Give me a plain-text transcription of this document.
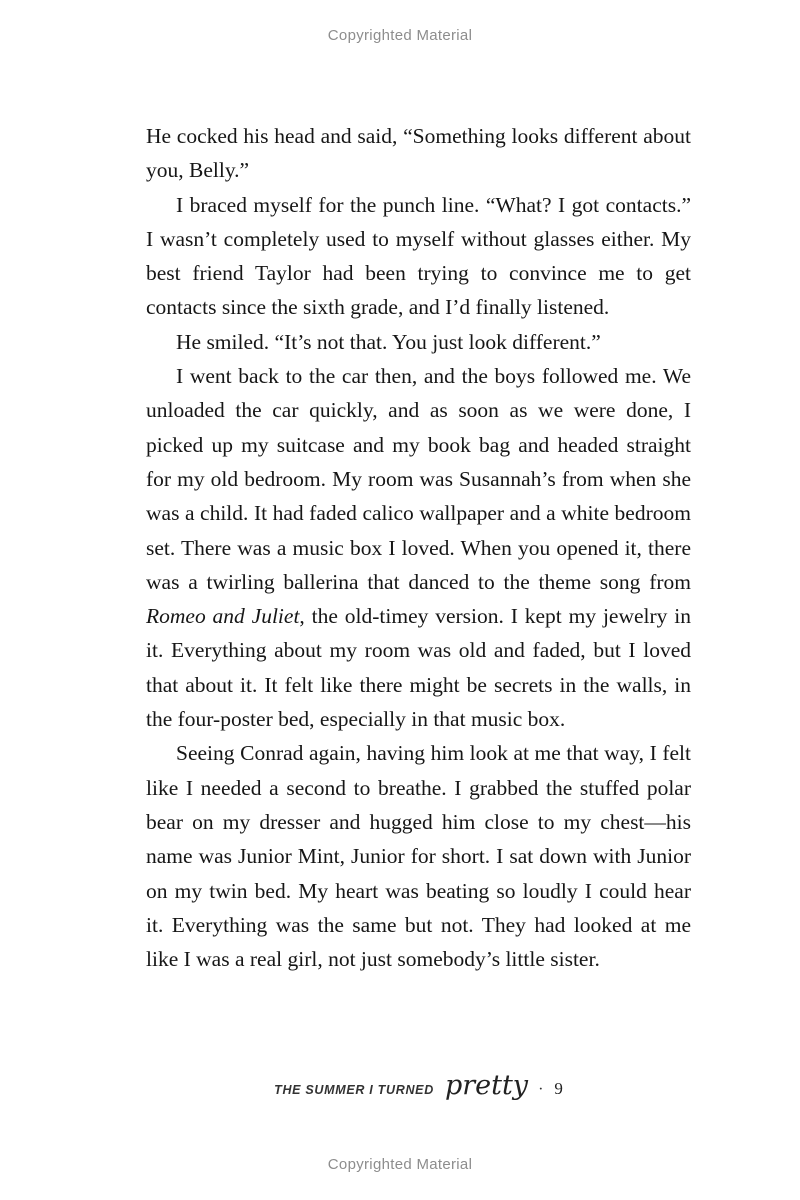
Copyrighted Material

He cocked his head and said, “Something looks different about you, Belly.”

I braced myself for the punch line. “What? I got contacts.” I wasn’t completely used to myself without glasses either. My best friend Taylor had been trying to convince me to get contacts since the sixth grade, and I’d finally listened.

He smiled. “It’s not that. You just look different.”

I went back to the car then, and the boys followed me. We unloaded the car quickly, and as soon as we were done, I picked up my suitcase and my book bag and headed straight for my old bedroom. My room was Susannah’s from when she was a child. It had faded calico wallpaper and a white bedroom set. There was a music box I loved. When you opened it, there was a twirling ballerina that danced to the theme song from Romeo and Juliet, the old-timey version. I kept my jewelry in it. Everything about my room was old and faded, but I loved that about it. It felt like there might be secrets in the walls, in the four-poster bed, especially in that music box.

Seeing Conrad again, having him look at me that way, I felt like I needed a second to breathe. I grabbed the stuffed polar bear on my dresser and hugged him close to my chest—his name was Junior Mint, Junior for short. I sat down with Junior on my twin bed. My heart was beating so loudly I could hear it. Everything was the same but not. They had looked at me like I was a real girl, not just somebody’s little sister.

THE SUMMER I TURNED pretty · 9
Copyrighted Material
